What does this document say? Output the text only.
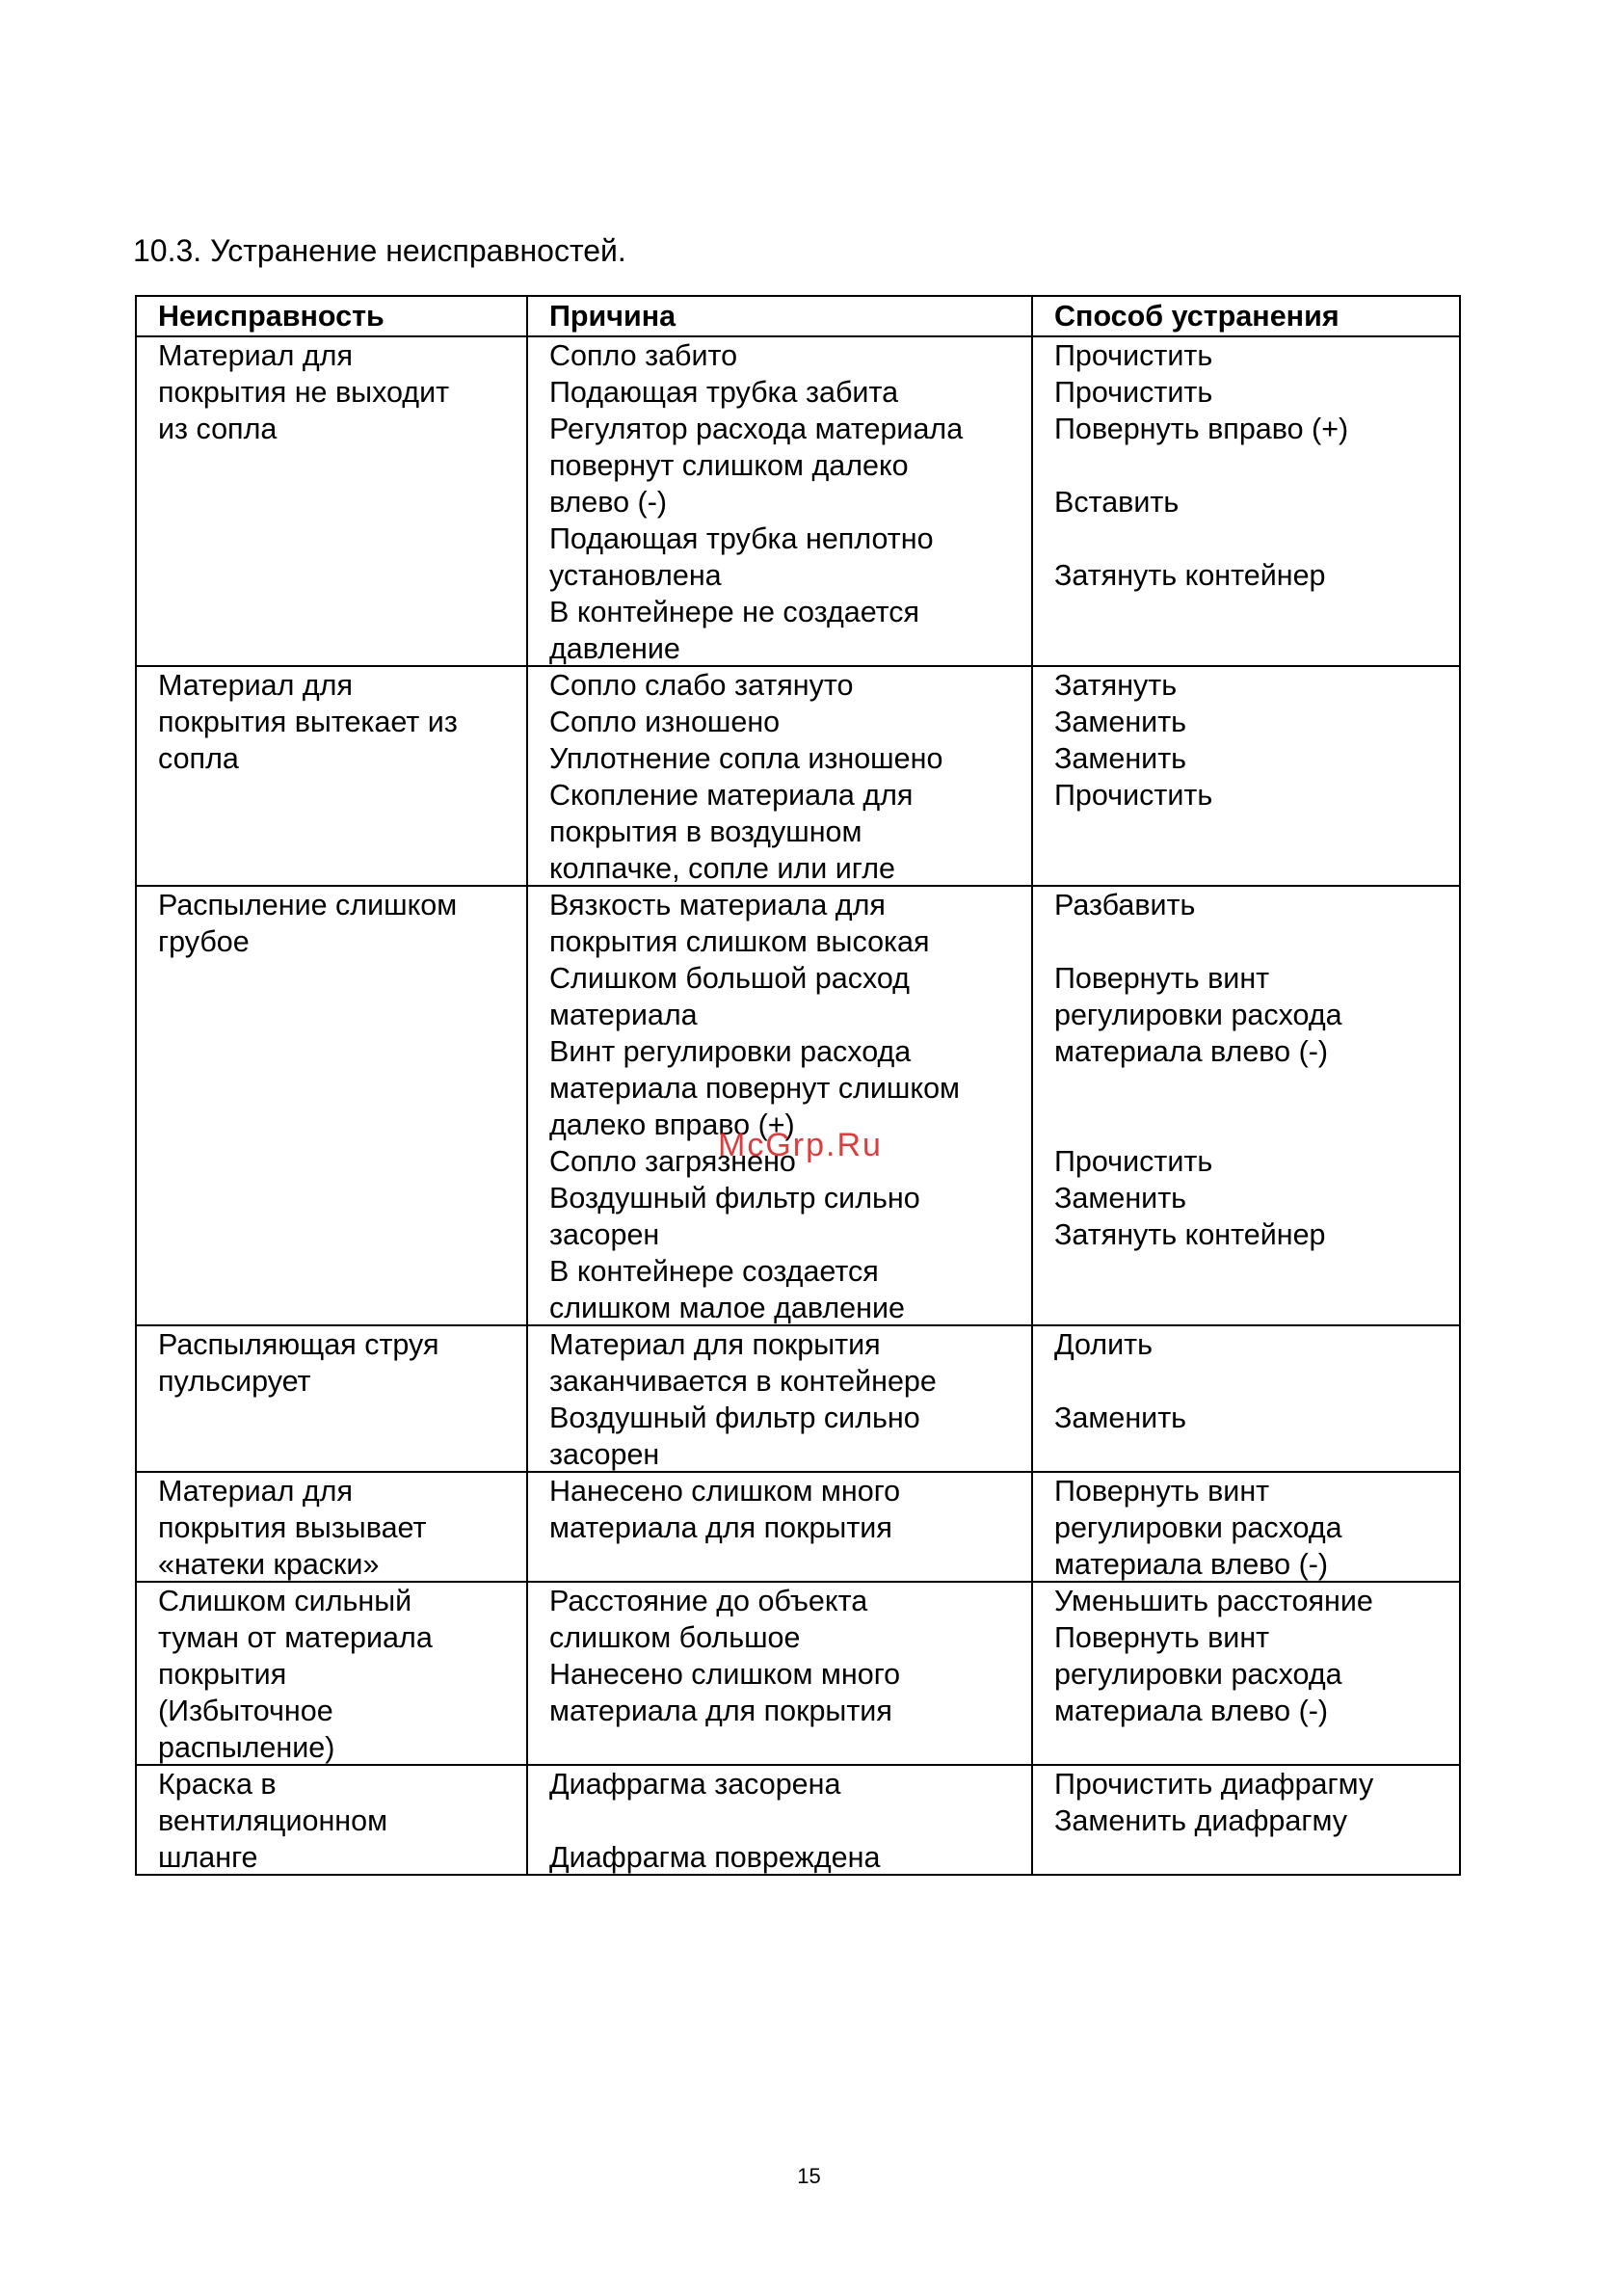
10.3. Устранение неисправностей.
Неисправность	Причина	Способ устранения
Материал для
покрытия не выходит
из сопла
Сопло забито
Подающая трубка забита
Регулятор расхода материала
повернут слишком далеко
влево (-)
Подающая трубка неплотно
установлена
В контейнере не создается
давление
Прочистить
Прочистить
Повернуть вправо (+)
Вставить
Затянуть контейнер
Материал для
покрытия вытекает из
сопла
Сопло слабо затянуто
Сопло изношено
Уплотнение сопла изношено
Скопление материала для
покрытия в воздушном
колпачке, сопле или игле
Затянуть
Заменить
Заменить
Прочистить
Распыление слишком
грубое
Вязкость материала для
покрытия слишком высокая
Слишком большой расход
материала
Винт регулировки расхода
материала повернут слишком
далеко вправо (+)
Сопло загрязнено
Воздушный фильтр сильно
засорен
В контейнере создается
слишком малое давление
Разбавить
Повернуть винт
регулировки расхода
материала влево (-)
Прочистить
Заменить
Затянуть контейнер
Распыляющая струя
пульсирует
Материал для покрытия
заканчивается в контейнере
Воздушный фильтр сильно
засорен
Долить
Заменить
Материал для
покрытия вызывает
«натеки краски»
Нанесено слишком много
материала для покрытия
Повернуть винт
регулировки расхода
материала влево (-)
Слишком сильный
туман от материала
покрытия
(Избыточное
распыление)
Расстояние до объекта
слишком большое
Нанесено слишком много
материала для покрытия
Уменьшить расстояние
Повернуть винт
регулировки расхода
материала влево (-)
Краска в
вентиляционном
шланге
Диафрагма засорена
Диафрагма повреждена
Прочистить диафрагму
Заменить диафрагму
McGrp.Ru
15
